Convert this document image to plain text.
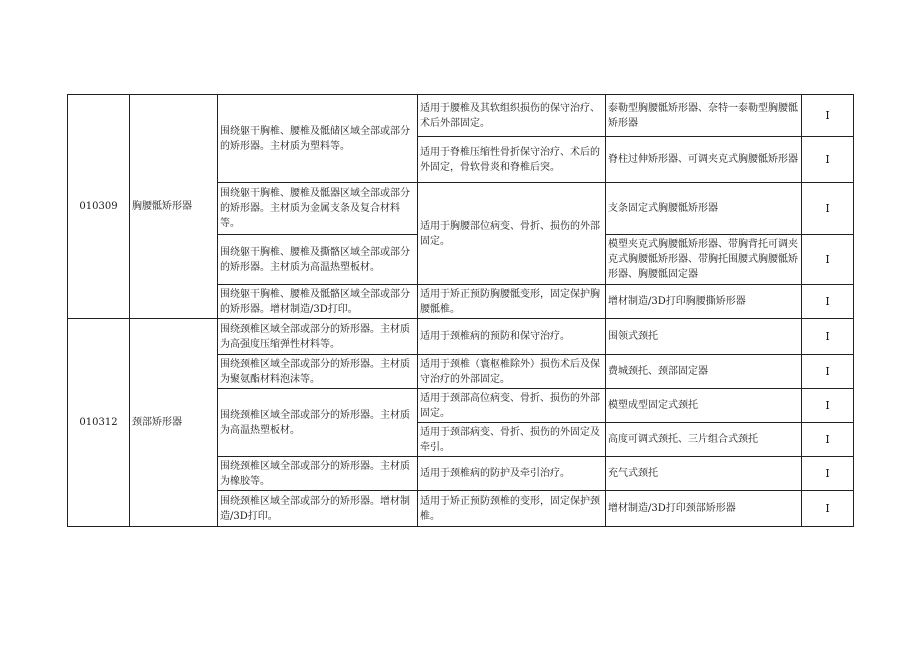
010309	胸腰骶矫形器	围绕躯干胸椎、腰椎及骶储区域全部或部分的矫形器。主材质为塑料等。	适用于腰椎及其软组织损伤的保守治疗、术后外部固定。	泰勒型胸腰骶矫形器、奈特一泰勒型胸腰骶矫形器	I
			适用于脊椎压缩性骨折保守治疗、术后的外固定，骨软骨炎和脊椎后突。	脊柱过伸矫形器、可调夹克式胸腰骶矫形器	I
		围绕躯干胸椎、腰椎及骶器区域全部或部分的矫形器。主材质为金属支条及复合材料等。	适用于胸腰部位病变、骨折、损伤的外部固定。	支条固定式胸腰骶矫形器	I
		围绕躯干胸椎、腰椎及撕骼区域全部或部分的矫形器。主材质为高温热塑板材。		模塑夹克式胸腰骶矫形器、带胸背托可调夹克式胸腰骶矫形器、带胸托围腰式胸腰骶矫形器、胸腰骶固定器	I
		围绕躯干胸椎、腰椎及骶骼区域全部或部分的矫形器。增材制造/3D打印。	适用于矫正预防胸腰骶变形，固定保护胸腰骶椎。	增材制造/3D打印胸腰撕矫形器	I
010312	颈部矫形器	围绕颈椎区域全部或部分的矫形器。主材质为高强度压缩弹性材料等。	适用于颈椎病的预防和保守治疗。	围领式颈托	I
		围绕颈椎区域全部或部分的矫形器。主材质为聚氨酯材料泡沫等。	适用于颈椎（寰枢椎除外）损伤术后及保守治疗的外部固定。	费城颈托、颈部固定器	I
		围绕颈椎区域全部或部分的矫形器。主材质为高温热塑板材。	适用于颈部高位病变、骨折、损伤的外部固定。	模塑成型固定式颈托	I
			适用于颈部病变、骨折、损伤的外固定及牵引。	高度可调式颈托、三片组合式颈托	I
		围绕颈椎区域全部或部分的矫形器。主材质为橡胶等。	适用于颈椎病的防护及牵引治疗。	充气式颈托	I
		围绕颈椎区域全部或部分的矫形器。增材制造/3D打印。	适用于矫正预防颈椎的变形，固定保护颈椎。	增材制造/3D打印颈部矫形器	I
